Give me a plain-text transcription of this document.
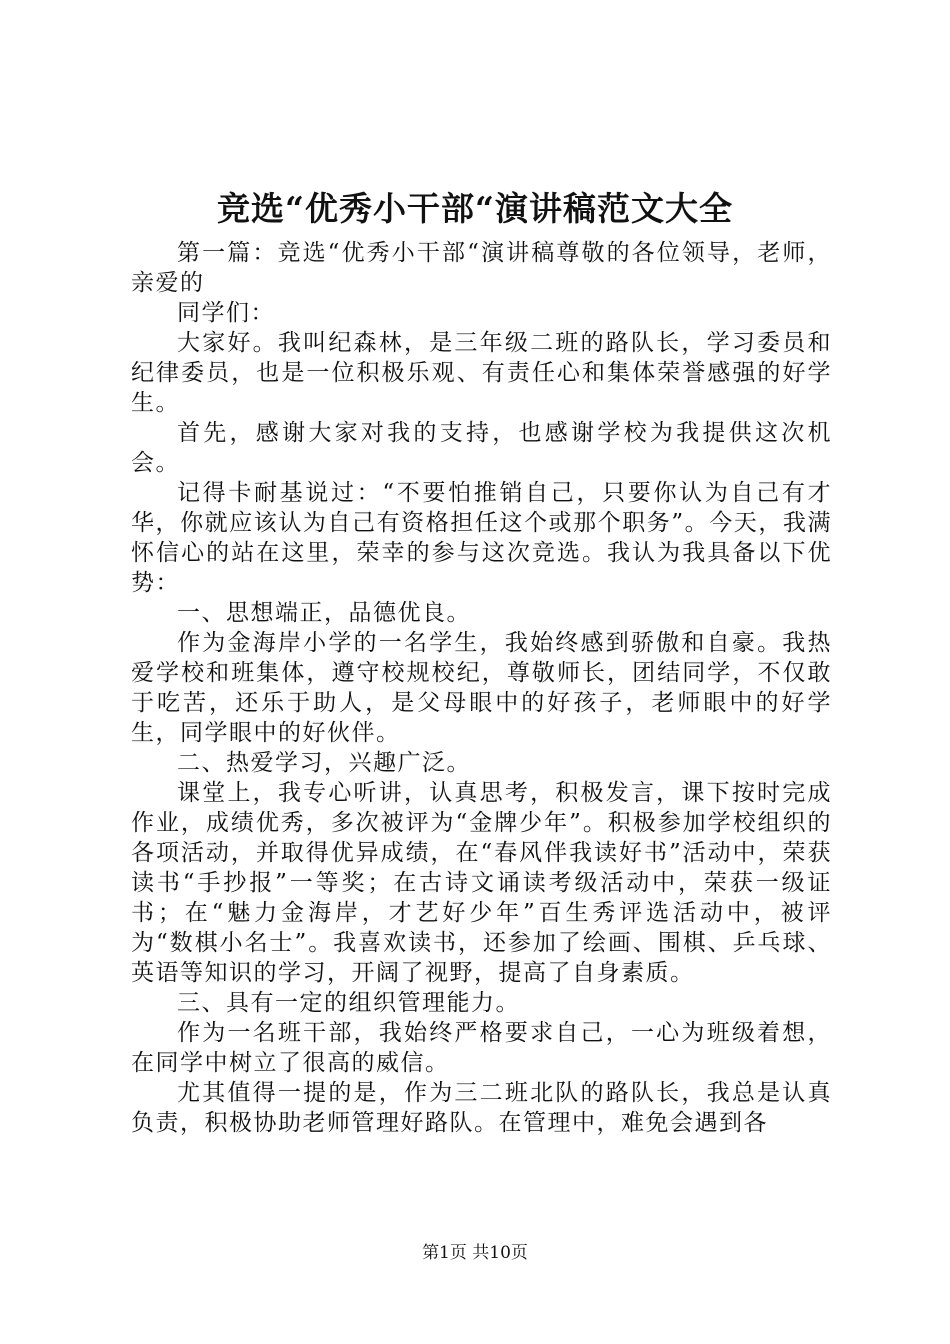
竞选“优秀小干部“演讲稿范文大全

第一篇：竞选“优秀小干部“演讲稿尊敬的各位领导，老师，亲爱的

同学们：

大家好。我叫纪森林，是三年级二班的路队长，学习委员和纪律委员，也是一位积极乐观、有责任心和集体荣誉感强的好学生。

首先，感谢大家对我的支持，也感谢学校为我提供这次机会。

记得卡耐基说过：“不要怕推销自己，只要你认为自己有才华，你就应该认为自己有资格担任这个或那个职务”。今天，我满怀信心的站在这里，荣幸的参与这次竞选。我认为我具备以下优势：

一、思想端正，品德优良。

作为金海岸小学的一名学生，我始终感到骄傲和自豪。我热爱学校和班集体，遵守校规校纪，尊敬师长，团结同学，不仅敢于吃苦，还乐于助人，是父母眼中的好孩子，老师眼中的好学生，同学眼中的好伙伴。

二、热爱学习，兴趣广泛。

课堂上，我专心听讲，认真思考，积极发言，课下按时完成作业，成绩优秀，多次被评为“金牌少年”。积极参加学校组织的各项活动，并取得优异成绩，在“春风伴我读好书”活动中，荣获读书“手抄报”一等奖；在古诗文诵读考级活动中，荣获一级证书；在“魅力金海岸，才艺好少年”百生秀评选活动中，被评为“数棋小名士”。我喜欢读书，还参加了绘画、围棋、乒乓球、英语等知识的学习，开阔了视野，提高了自身素质。

三、具有一定的组织管理能力。

作为一名班干部，我始终严格要求自己，一心为班级着想，在同学中树立了很高的威信。

尤其值得一提的是，作为三二班北队的路队长，我总是认真负责，积极协助老师管理好路队。在管理中，难免会遇到各

第1页 共10页
